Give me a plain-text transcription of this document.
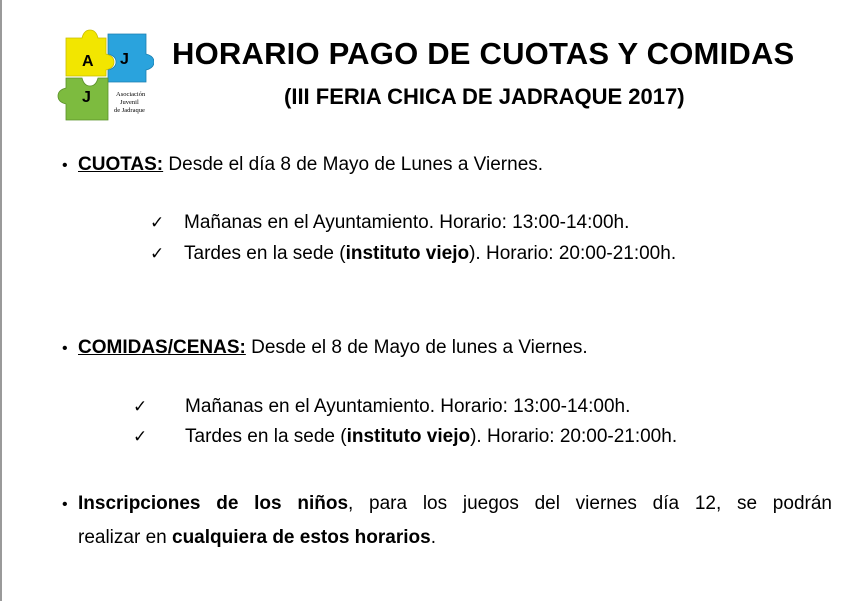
A J
J	Asociación
Juvenil
de Jadraque
HORARIO PAGO DE CUOTAS Y COMIDAS
(III FERIA CHICA DE JADRAQUE 2017)
• CUOTAS: Desde el día 8 de Mayo de Lunes a Viernes.
✓ Mañanas en el Ayuntamiento. Horario: 13:00-14:00h.
✓ Tardes en la sede (instituto viejo). Horario: 20:00-21:00h.
• COMIDAS/CENAS: Desde el 8 de Mayo de lunes a Viernes.
✓ Mañanas en el Ayuntamiento. Horario: 13:00-14:00h.
✓ Tardes en la sede (instituto viejo). Horario: 20:00-21:00h.
• Inscripciones de los niños, para los juegos del viernes día 12, se podrán
realizar en cualquiera de estos horarios.
